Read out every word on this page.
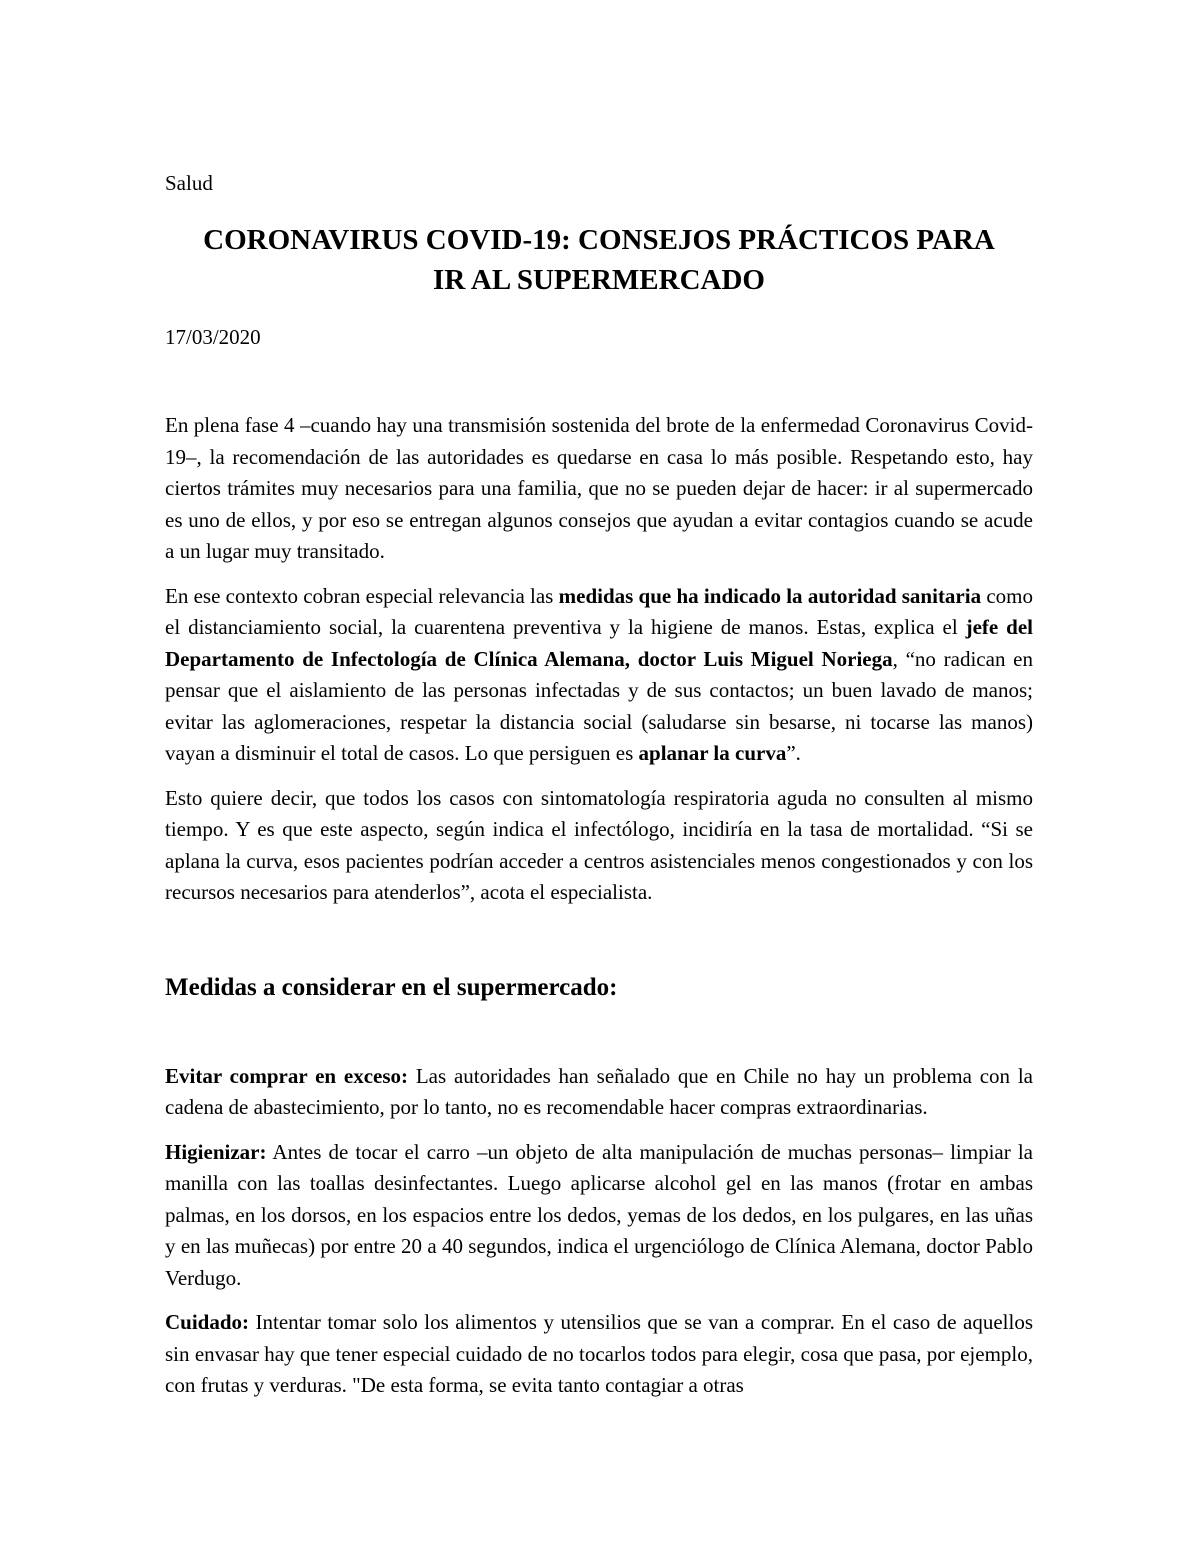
Salud

CORONAVIRUS COVID-19: CONSEJOS PRÁCTICOS PARA
IR AL SUPERMERCADO

17/03/2020

En plena fase 4 –cuando hay una transmisión sostenida del brote de la enfermedad Coronavirus Covid-19–, la recomendación de las autoridades es quedarse en casa lo más posible. Respetando esto, hay ciertos trámites muy necesarios para una familia, que no se pueden dejar de hacer: ir al supermercado es uno de ellos, y por eso se entregan algunos consejos que ayudan a evitar contagios cuando se acude a un lugar muy transitado.

En ese contexto cobran especial relevancia las medidas que ha indicado la autoridad sanitaria como el distanciamiento social, la cuarentena preventiva y la higiene de manos. Estas, explica el jefe del Departamento de Infectología de Clínica Alemana, doctor Luis Miguel Noriega, “no radican en pensar que el aislamiento de las personas infectadas y de sus contactos; un buen lavado de manos; evitar las aglomeraciones, respetar la distancia social (saludarse sin besarse, ni tocarse las manos) vayan a disminuir el total de casos. Lo que persiguen es aplanar la curva”.

Esto quiere decir, que todos los casos con sintomatología respiratoria aguda no consulten al mismo tiempo. Y es que este aspecto, según indica el infectólogo, incidiría en la tasa de mortalidad. “Si se aplana la curva, esos pacientes podrían acceder a centros asistenciales menos congestionados y con los recursos necesarios para atenderlos”, acota el especialista.

Medidas a considerar en el supermercado:

Evitar comprar en exceso: Las autoridades han señalado que en Chile no hay un problema con la cadena de abastecimiento, por lo tanto, no es recomendable hacer compras extraordinarias.

Higienizar: Antes de tocar el carro –un objeto de alta manipulación de muchas personas– limpiar la manilla con las toallas desinfectantes. Luego aplicarse alcohol gel en las manos (frotar en ambas palmas, en los dorsos, en los espacios entre los dedos, yemas de los dedos, en los pulgares, en las uñas y en las muñecas) por entre 20 a 40 segundos, indica el urgenciólogo de Clínica Alemana, doctor Pablo Verdugo.

Cuidado: Intentar tomar solo los alimentos y utensilios que se van a comprar. En el caso de aquellos sin envasar hay que tener especial cuidado de no tocarlos todos para elegir, cosa que pasa, por ejemplo, con frutas y verduras. "De esta forma, se evita tanto contagiar a otras
